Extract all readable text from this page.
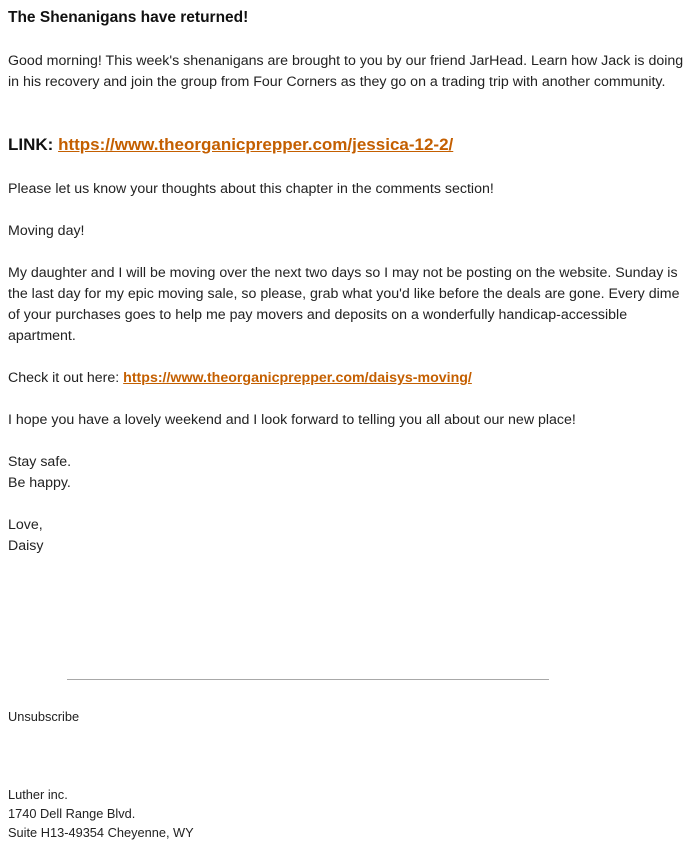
The Shenanigans have returned!

Good morning! This week's shenanigans are brought to you by our friend JarHead. Learn how Jack is doing in his recovery and join the group from Four Corners as they go on a trading trip with another community.

LINK: https://www.theorganicprepper.com/jessica-12-2/

Please let us know your thoughts about this chapter in the comments section!

Moving day!

My daughter and I will be moving over the next two days so I may not be posting on the website. Sunday is the last day for my epic moving sale, so please, grab what you'd like before the deals are gone. Every dime of your purchases goes to help me pay movers and deposits on a wonderfully handicap-accessible apartment.

Check it out here: https://www.theorganicprepper.com/daisys-moving/

I hope you have a lovely weekend and I look forward to telling you all about our new place!

Stay safe.
Be happy.

Love,
Daisy

Unsubscribe
Luther inc.
1740 Dell Range Blvd.
Suite H13-49354 Cheyenne, WY
